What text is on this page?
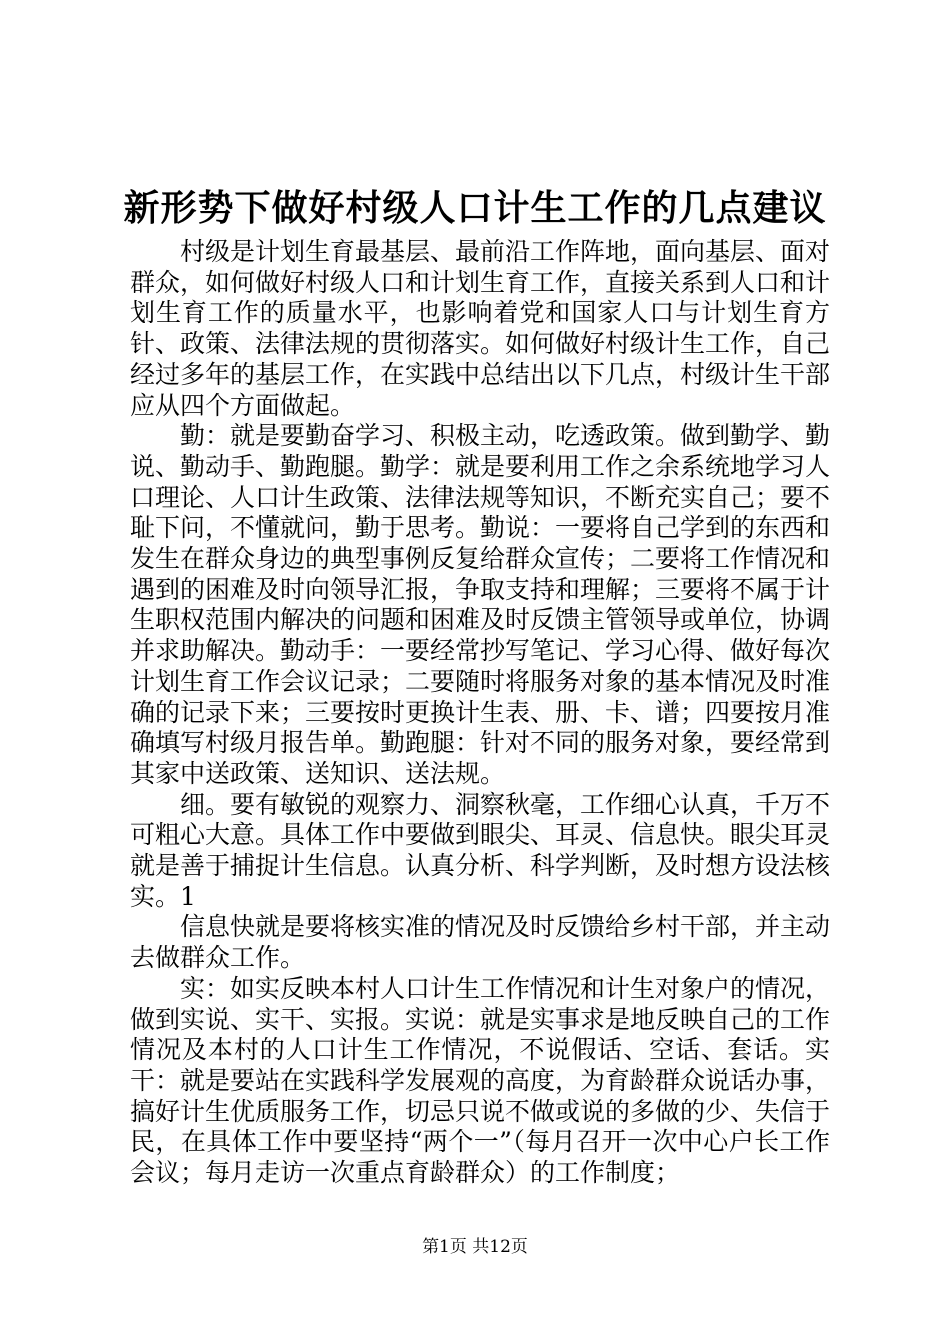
新形势下做好村级人口计生工作的几点建议

村级是计划生育最基层、最前沿工作阵地，面向基层、面对群众，如何做好村级人口和计划生育工作，直接关系到人口和计划生育工作的质量水平，也影响着党和国家人口与计划生育方针、政策、法律法规的贯彻落实。如何做好村级计生工作，自己经过多年的基层工作，在实践中总结出以下几点，村级计生干部应从四个方面做起。

勤：就是要勤奋学习、积极主动，吃透政策。做到勤学、勤说、勤动手、勤跑腿。勤学：就是要利用工作之余系统地学习人口理论、人口计生政策、法律法规等知识，不断充实自己；要不耻下问，不懂就问，勤于思考。勤说：一要将自己学到的东西和发生在群众身边的典型事例反复给群众宣传；二要将工作情况和遇到的困难及时向领导汇报，争取支持和理解；三要将不属于计生职权范围内解决的问题和困难及时反馈主管领导或单位，协调并求助解决。勤动手：一要经常抄写笔记、学习心得、做好每次计划生育工作会议记录；二要随时将服务对象的基本情况及时准确的记录下来；三要按时更换计生表、册、卡、谱；四要按月准确填写村级月报告单。勤跑腿：针对不同的服务对象，要经常到其家中送政策、送知识、送法规。

细。要有敏锐的观察力、洞察秋毫，工作细心认真，千万不可粗心大意。具体工作中要做到眼尖、耳灵、信息快。眼尖耳灵就是善于捕捉计生信息。认真分析、科学判断，及时想方设法核实。1

信息快就是要将核实准的情况及时反馈给乡村干部，并主动去做群众工作。

实：如实反映本村人口计生工作情况和计生对象户的情况，做到实说、实干、实报。实说：就是实事求是地反映自己的工作情况及本村的人口计生工作情况，不说假话、空话、套话。实干：就是要站在实践科学发展观的高度，为育龄群众说话办事，搞好计生优质服务工作，切忌只说不做或说的多做的少、失信于民，在具体工作中要坚持“两个一”（每月召开一次中心户长工作会议；每月走访一次重点育龄群众）的工作制度；

第1页 共12页
